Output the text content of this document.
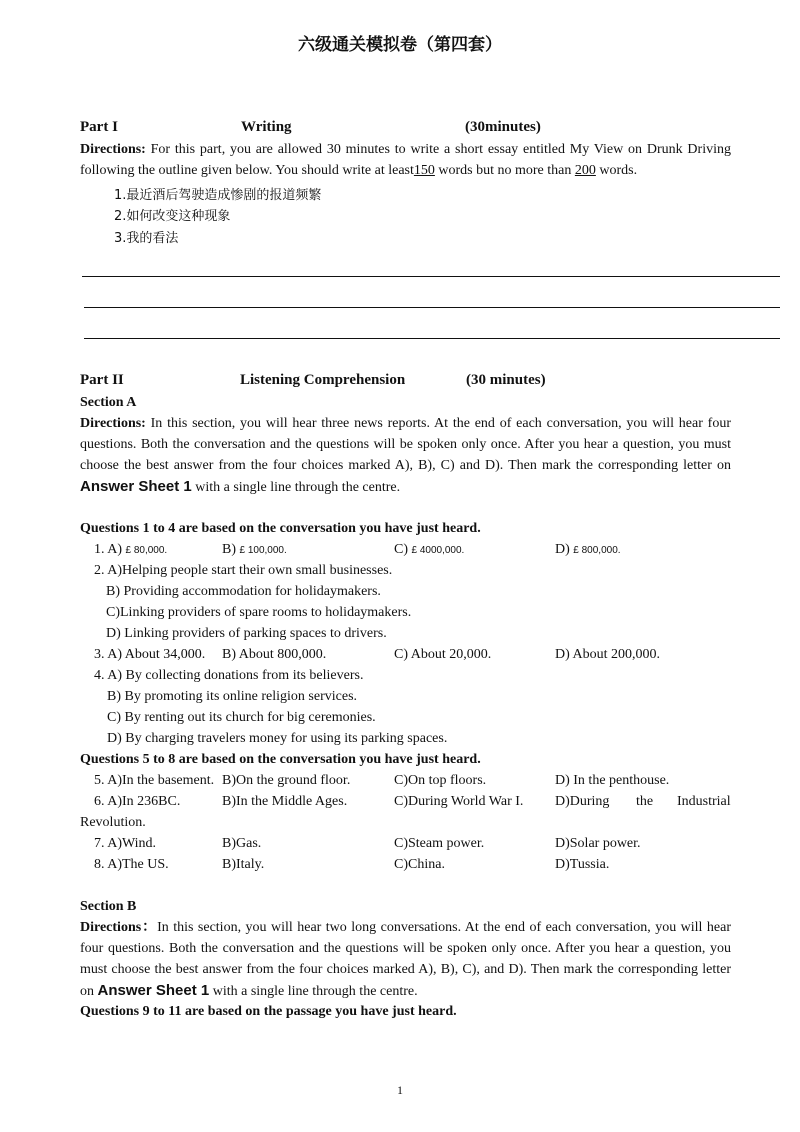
六级通关模拟卷（第四套）
Part I	Writing	(30minutes)
Directions: For this part, you are allowed 30 minutes to write a short essay entitled My View on Drunk Driving following the outline given below. You should write at least150 words but no more than 200 words.
1.最近酒后驾驶造成惨剧的报道频繁
2.如何改变这种现象
3.我的看法
Part II	Listening Comprehension	(30 minutes)
Section A
Directions: In this section, you will hear three news reports. At the end of each conversation, you will hear four questions. Both the conversation and the questions will be spoken only once. After you hear a question, you must choose the best answer from the four choices marked A), B), C) and D). Then mark the corresponding letter on Answer Sheet 1 with a single line through the centre.
Questions 1 to 4 are based on the conversation you have just heard.
1. A) £ 80,000.	B) £ 100,000.	C) £ 4000,000.	D) £ 800,000.
2. A)Helping people start their own small businesses.
B) Providing accommodation for holidaymakers.
C)Linking providers of spare rooms to holidaymakers.
D) Linking providers of parking spaces to drivers.
3. A) About 34,000. B) About 800,000.	C) About 20,000.	D) About 200,000.
4. A) By collecting donations from its believers.
B) By promoting its online religion services.
C) By renting out its church for big ceremonies.
D) By charging travelers money for using its parking spaces.
Questions 5 to 8 are based on the conversation you have just heard.
5. A)In the basement. B)On the ground floor.	C)On top floors.	D) In the penthouse.
6. A)In 236BC.	B)In the Middle Ages.	C)During World War I. D)During the Industrial
Revolution.
7. A)Wind.	B)Gas.	C)Steam power.	D)Solar power.
8. A)The US.	B)Italy.	C)China.	D)Tussia.
Section B
Directions：In this section, you will hear two long conversations. At the end of each conversation, you will hear four questions. Both the conversation and the questions will be spoken only once. After you hear a question, you must choose the best answer from the four choices marked A), B), C), and D). Then mark the corresponding letter on Answer Sheet 1 with a single line through the centre.
Questions 9 to 11 are based on the passage you have just heard.
1
